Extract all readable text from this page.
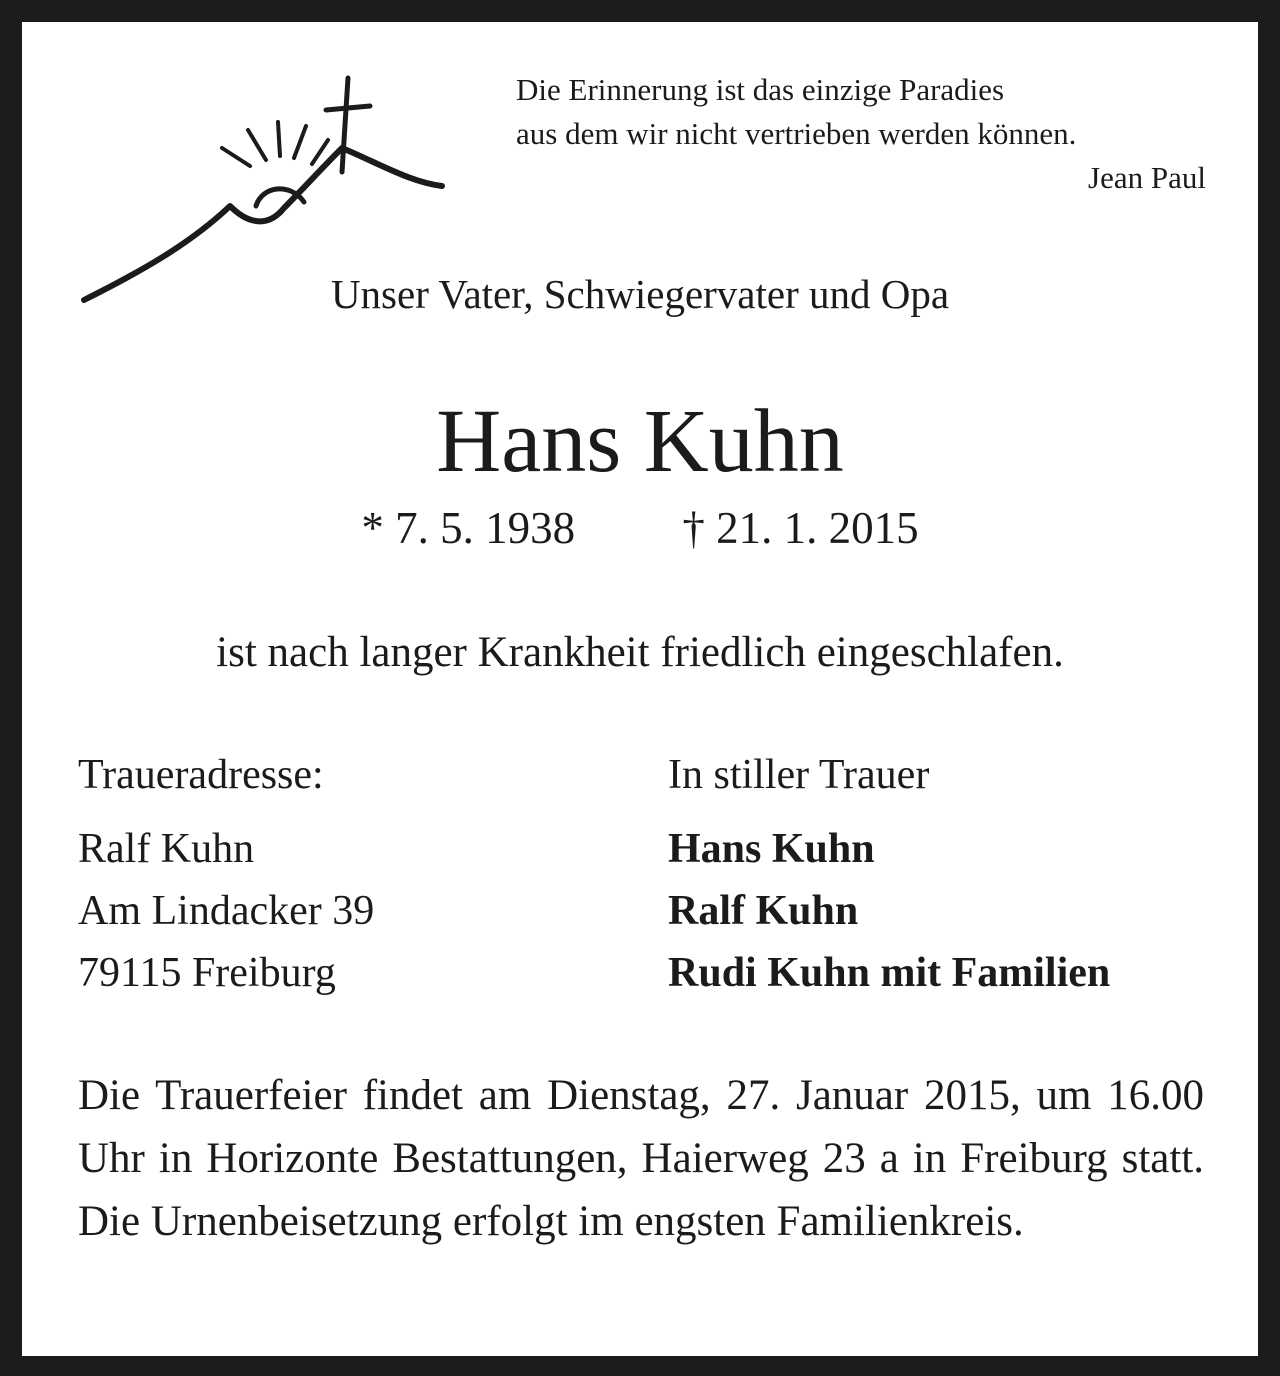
Die Erinnerung ist das einzige Paradies
aus dem wir nicht vertrieben werden können.
Jean Paul
Unser Vater, Schwiegervater und Opa
Hans Kuhn
* 7. 5. 1938 † 21. 1. 2015
ist nach langer Krankheit friedlich eingeschlafen.
Traueradresse:
Ralf Kuhn
Am Lindacker 39
79115 Freiburg
In stiller Trauer
Hans Kuhn
Ralf Kuhn
Rudi Kuhn mit Familien

Die Trauerfeier findet am Dienstag, 27. Januar 2015, um 16.00 Uhr in Horizonte Bestattungen, Haierweg 23 a in Freiburg statt. Die Urnenbeisetzung erfolgt im engsten Familienkreis.
